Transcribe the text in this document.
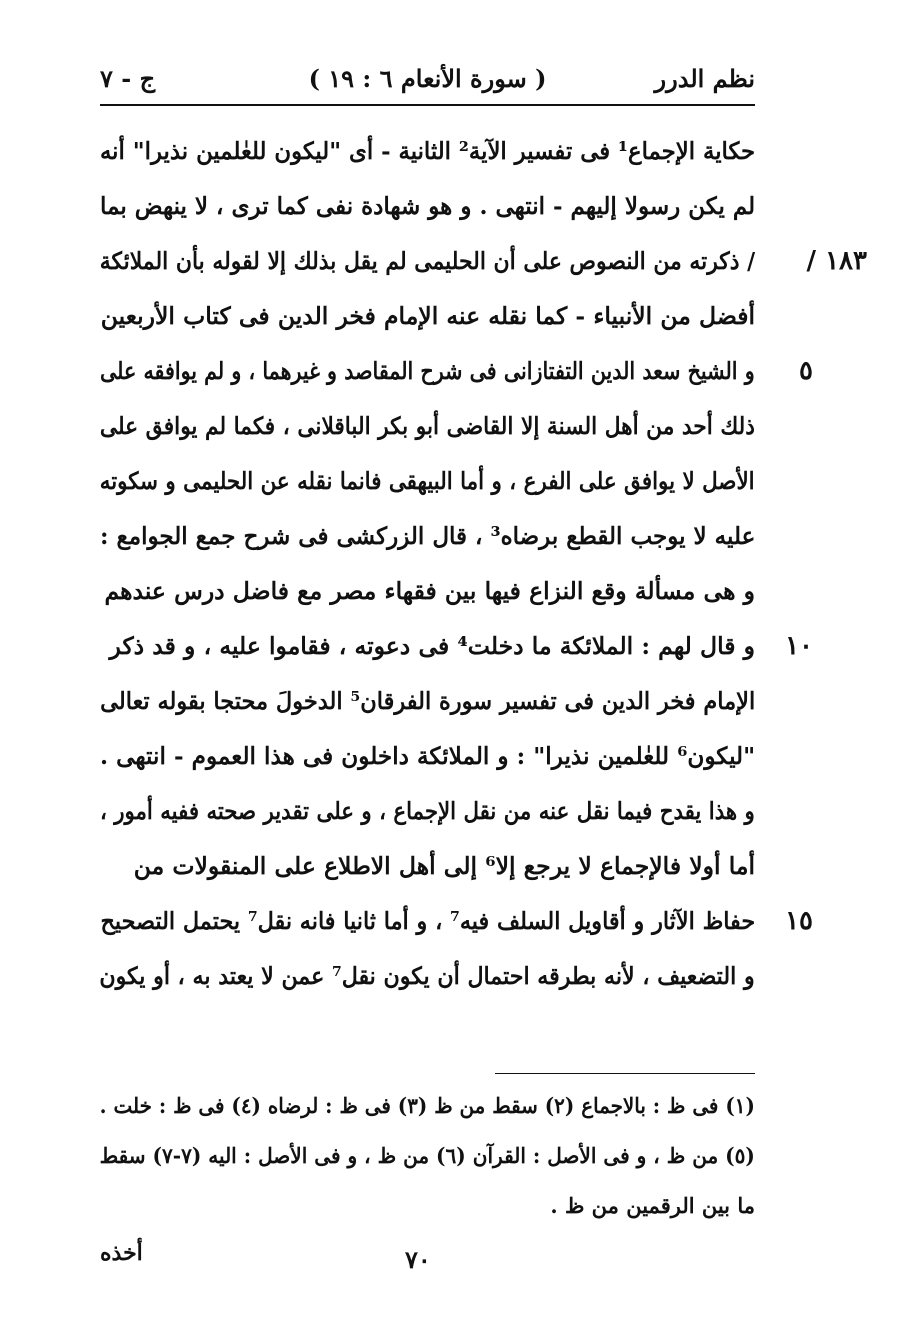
نظم الدرر
( سورة الأنعام ٦ : ١٩ )
ج - ٧
حكاية الإجماع¹ فى تفسير الآية² الثانية - أى "ليكون للعٰلمين نذيرا" أنه
لم يكن رسولا إليهم - انتهى . و هو شهادة نفى كما ترى ، لا ينهض بما
/ ذكرته من النصوص على أن الحليمى لم يقل بذلك إلا لقوله بأن الملائكة ١٨٣ /
أفضل من الأنبياء - كما نقله عنه الإمام فخر الدين فى كتاب الأربعين
و الشيخ سعد الدين التفتازانى فى شرح المقاصد و غيرهما ، و لم يوافقه على ٥
ذلك أحد من أهل السنة إلا القاضى أبو بكر الباقلانى ، فكما لم يوافق على
الأصل لا يوافق على الفرع ، و أما البيهقى فانما نقله عن الحليمى و سكوته
عليه لا يوجب القطع برضاه³ ، قال الزركشى فى شرح جمع الجوامع :
و هى مسألة وقع النزاع فيها بين فقهاء مصر مع فاضل درس عندهم
و قال لهم : الملائكة ما دخلت⁴ فى دعوته ، فقاموا عليه ، و قد ذكر ١٠
الإمام فخر الدين فى تفسير سورة الفرقان⁵ الدخولَ محتجا بقوله تعالى
"ليكون⁶ للعٰلمين نذيرا" : و الملائكة داخلون فى هذا العموم - انتهى .
و هذا يقدح فيما نقل عنه من نقل الإجماع ، و على تقدير صحته ففيه أمور ،
أما أولا فالإجماع لا يرجع إلا⁶ إلى أهل الاطلاع على المنقولات من
حفاظ الآثار و أقاويل السلف فيه⁷ ، و أما ثانيا فانه نقل⁷ يحتمل التصحيح ١٥
و التضعيف ، لأنه بطرقه احتمال أن يكون نقل⁷ عمن لا يعتد به ، أو يكون
(١) فى ظ : بالاجماع (٢) سقط من ظ (٣) فى ظ : لرضاه (٤) فى ظ : خلت .
(٥) من ظ ، و فى الأصل : القرآن (٦) من ظ ، و فى الأصل : اليه (٧-٧) سقط
ما بين الرقمين من ظ .
أخذه	٧٠
